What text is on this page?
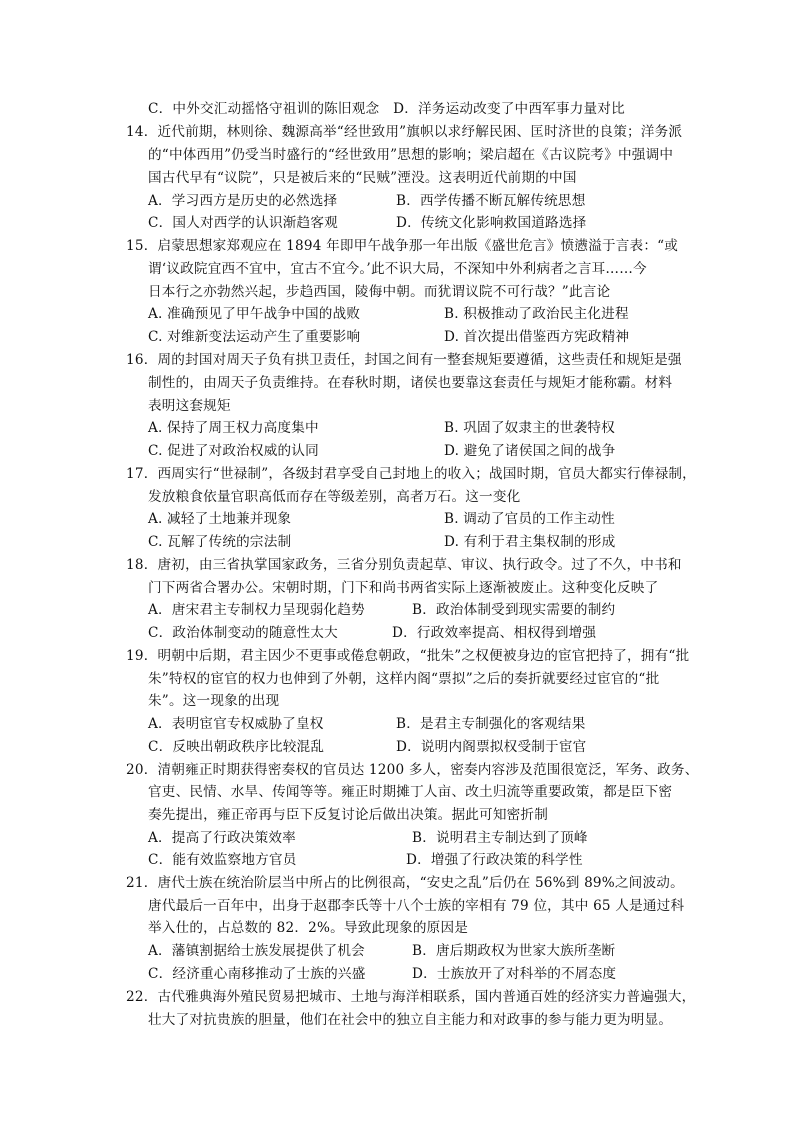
C．中外交汇动摇恪守祖训的陈旧观念　D．洋务运动改变了中西军事力量对比
14．近代前期，林则徐、魏源高举“经世致用”旗帜以求纾解民困、匡时济世的良策；洋务派
的“中体西用”仍受当时盛行的“经世致用”思想的影响；梁启超在《古议院考》中强调中
国古代早有“议院”，只是被后来的“民贼”湮没。这表明近代前期的中国
A．学习西方是历史的必然选择	B．西学传播不断瓦解传统思想
C．国人对西学的认识渐趋客观	D．传统文化影响救国道路选择
15．启蒙思想家郑观应在 1894 年即甲午战争那一年出版《盛世危言》愤懑溢于言表：“或
谓‘议政院宜西不宜中，宜古不宜今。’此不识大局，不深知中外利病者之言耳……今
日本行之亦勃然兴起，步趋西国，陵侮中朝。而犹谓议院不可行哉？”此言论
A. 准确预见了甲午战争中国的战败	B. 积极推动了政治民主化进程
C. 对维新变法运动产生了重要影响	D. 首次提出借鉴西方宪政精神
16．周的封国对周天子负有拱卫责任，封国之间有一整套规矩要遵循，这些责任和规矩是强
制性的，由周天子负责维持。在春秋时期，诸侯也要靠这套责任与规矩才能称霸。材料
表明这套规矩
A. 保持了周王权力高度集中	B. 巩固了奴隶主的世袭特权
C. 促进了对政治权威的认同	D. 避免了诸侯国之间的战争
17．西周实行“世禄制”，各级封君享受自己封地上的收入；战国时期，官员大都实行俸禄制，
发放粮食依量官职高低而存在等级差别，高者万石。这一变化
A. 减轻了土地兼并现象	B. 调动了官员的工作主动性
C. 瓦解了传统的宗法制	D. 有利于君主集权制的形成
18．唐初，由三省执掌国家政务，三省分别负责起草、审议、执行政令。过了不久，中书和
门下两省合署办公。宋朝时期，门下和尚书两省实际上逐渐被废止。这种变化反映了
A．唐宋君主专制权力呈现弱化趋势	B．政治体制受到现实需要的制约
C．政治体制变动的随意性太大	D．行政效率提高、相权得到增强
19．明朝中后期，君主因少不更事或倦怠朝政，“批朱”之权便被身边的宦官把持了，拥有“批
朱”特权的宦官的权力也伸到了外朝，这样内阁“票拟”之后的奏折就要经过宦官的“批
朱”。这一现象的出现
A．表明宦官专权威胁了皇权	B．是君主专制强化的客观结果
C．反映出朝政秩序比较混乱	D．说明内阁票拟权受制于宦官
20．清朝雍正时期获得密奏权的官员达 1200 多人，密奏内容涉及范围很宽泛，军务、政务、
官吏、民情、水旱、传闻等等。雍正时期摊丁人亩、改土归流等重要政策，都是臣下密
奏先提出，雍正帝再与臣下反复讨论后做出决策。据此可知密折制
A．提高了行政决策效率	B．说明君主专制达到了顶峰
C．能有效监察地方官员	D．增强了行政决策的科学性
21．唐代士族在统治阶层当中所占的比例很高，“安史之乱”后仍在 56%到 89%之间波动。
唐代最后一百年中，出身于赵郡李氏等十八个士族的宰相有 79 位，其中 65 人是通过科
举入仕的，占总数的 82．2%。导致此现象的原因是
A．藩镇割据给士族发展提供了机会	B．唐后期政权为世家大族所垄断
C．经济重心南移推动了士族的兴盛	D．士族放开了对科举的不屑态度
22．古代雅典海外殖民贸易把城市、土地与海洋相联系，国内普通百姓的经济实力普遍强大，
壮大了对抗贵族的胆量，他们在社会中的独立自主能力和对政事的参与能力更为明显。
